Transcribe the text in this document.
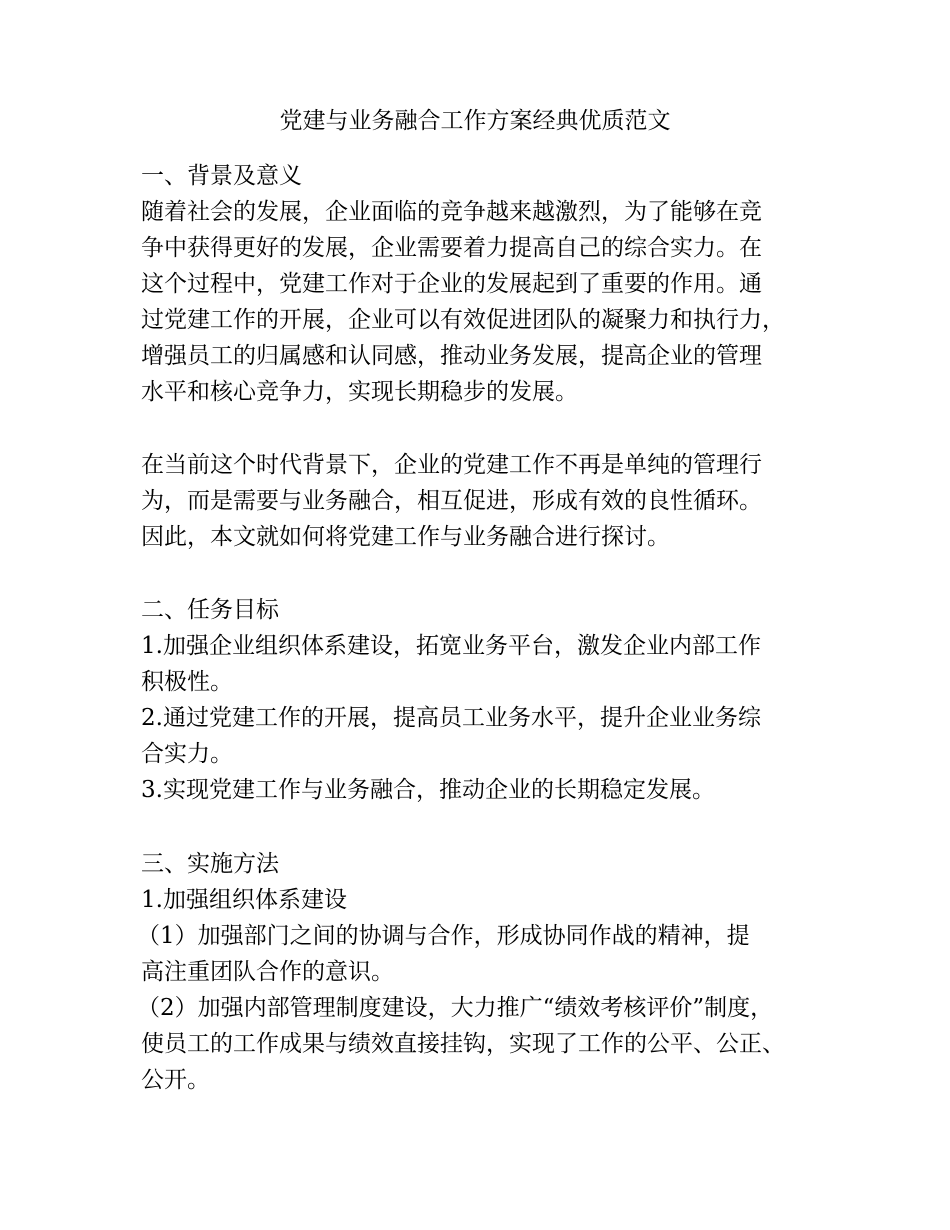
党建与业务融合工作方案经典优质范文
一、背景及意义
随着社会的发展，企业面临的竞争越来越激烈，为了能够在竞
争中获得更好的发展，企业需要着力提高自己的综合实力。在
这个过程中，党建工作对于企业的发展起到了重要的作用。通
过党建工作的开展，企业可以有效促进团队的凝聚力和执行力，
增强员工的归属感和认同感，推动业务发展，提高企业的管理
水平和核心竞争力，实现长期稳步的发展。
在当前这个时代背景下，企业的党建工作不再是单纯的管理行
为，而是需要与业务融合，相互促进，形成有效的良性循环。
因此，本文就如何将党建工作与业务融合进行探讨。
二、任务目标
1.加强企业组织体系建设，拓宽业务平台，激发企业内部工作
积极性。
2.通过党建工作的开展，提高员工业务水平，提升企业业务综
合实力。
3.实现党建工作与业务融合，推动企业的长期稳定发展。
三、实施方法
1.加强组织体系建设
（1）加强部门之间的协调与合作，形成协同作战的精神，提
高注重团队合作的意识。
（2）加强内部管理制度建设，大力推广“绩效考核评价”制度，
使员工的工作成果与绩效直接挂钩，实现了工作的公平、公正、
公开。
